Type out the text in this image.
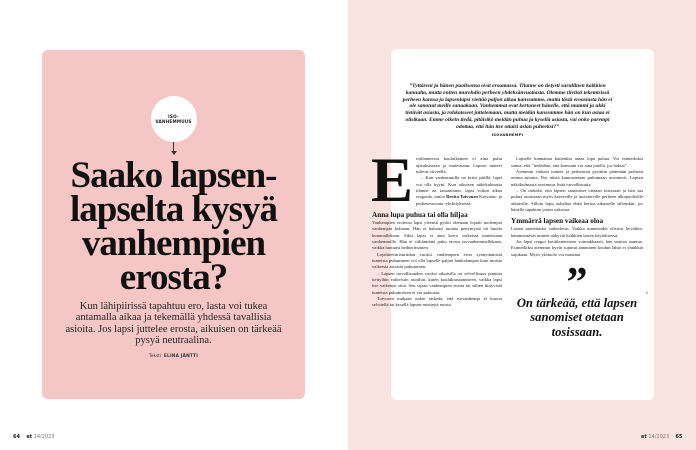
ISO-
VANHEMMUUS
Saako lapsen-lapselta kysyä vanhempien erosta?
Kun lähipiirissä tapahtuu ero, lasta voi tukea antamalla aikaa ja tekemällä yhdessä tavallisia asioita. Jos lapsi juttelee erosta, aikuisen on tärkeää pysyä neutraalina.
Teksti: ELINA JÄNTTI
”Tyttäreni ja hänen puolisonsa ovat eroamassa. Tilanne on tietysti surullinen kaikkien kannalta, mutta eniten murehdin perheen yhdeksänvuotiasta. Olemme tiiviisti tekemisissä perheen kanssa ja lapsenlapsi viettää paljon aikaa kanssamme, mutta tästä eroasiasta hän ei ole sanonut meille sanaakaan. Vanhemmat ovat kertoneet hänelle, että mummi ja ukki tietävät asiasta, ja rohkaisseet juttelemaan, mutta meidän kanssamme hän on kun asiaa ei olisikaan. Emme oikein tiedä, pitäisikö meidän puhua ja kysellä asiasta, vai onko parempi odottaa, että hän itse ottaisi asian puheeksi?”
ISOVANHEMPI
E rotilanteessa kouluikäinen ei aina puhu ajatuksistaan ja tunteistaan. Lapsen tunteet tulevat viiveellä.

– Kun vanhemmilla on kriisi päällä, lapsi voi olla hyyni. Kun aikuisen näkökulmasta tilanne on tasaantunut, lapsi voikin alkaa reagoida, sanoo Reetta Toivonen Kasvatus- ja perheneuvonta -yhdistyksestä.

Anna lupa puhua tai olla hiljaa

Vanhempien erotessa lapsi yleensä pyrkii olemaan lojaali molempia vanhempia kohtaan. Hän ei haluaisi tuottaa pettymystä tai huolta kummallekaan. Siksi lapsi ei aina kerro vaikeista tunteistaan vanhemmille. Hän ei välttämättä puhu erosta isovanhemmallekaan, vaikka luottaisi heihin muuten.

Lojaliteettiristiriidan vuoksi vanhempien eron synnyttämistä tunteista puhuminen voi olla lapselle paljon hankalampaa kuin muista vaikeista asioista puhuminen.

– Lapsen turvallisuuden vuoksi aikuisilla on velvollisuus puuttua tiettyihin vaikeisiin asioihin, kuten koulukiusaamiseen, vaikka lapsi itse vaikenisi siitä. Sen sijaan vanhempien erosta tai siihen liittyvistä tunteista puhumiseen ei voi pakottaa.

Toivosen mukaan onkin tärkeää, että isovanhempi ei kuorta selvitellä tai kysellä lapsen mietteitä erosta.

Lapselle kannattaa kuitenkin antaa lupa puhua. Voi esimerkiksi sanoa, että ”tiedäthän, että kanssani voi aina jutella, jos haluat”.

Aiemmin vaikeat tunteet ja perheasiat pyrittiin pitämään perheen omina asioina. Nyt niistä kannustetaan puhumaan avoimesti. Lapsen näkökulmasta avoimuus lisää turvallisuutta.

– On tärkeää, että lapsen sanomiset otetaan tosissaan ja hän saa puhua asioistaan myös kavereille ja luotettaville perheen ulkopuolisille aikuisille. Silloin lapsi uskaltaa ehkä kertoa aikuiselle silloinkin, jos hänelle tapahtuu jotain vakavaa.

Ymmärrä lapsen vaikeaa oloa

Lasten tunnetaidot vaihtelevat. Vaikka tunnetaidot olisivat hyvätkin, hämmentävät tunteet näkyvät kaikkien lasten käytöksessä.

Jos lapsi reagoi kotitilanteeseen voimakkaasti, hän saattaa taantua. Esimerkiksi aiemmin hyvin sujunut aamuinen koulun lähtö ei yhtäkkiä sujukaan. Myös yksinolo voi muuttua

”
On tärkeää, että lapsen sanomiset otetaan tosissaan.
›
64 et 14/2023	et 14/2023 65
